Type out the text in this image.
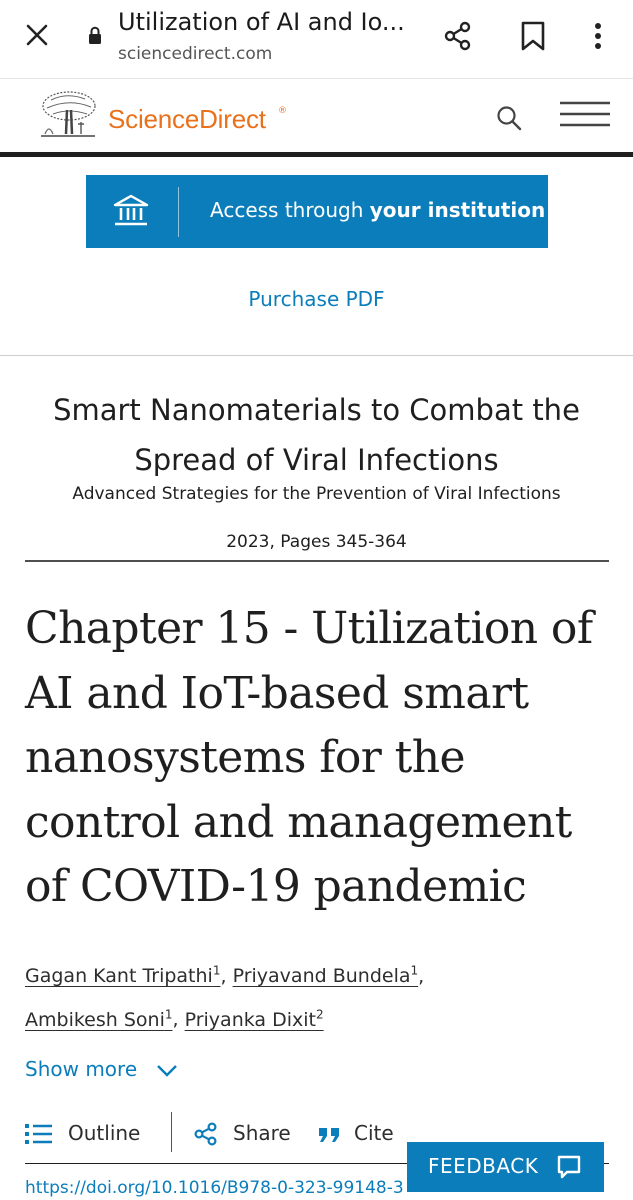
Utilization of AI and Io...
sciencedirect.com
ScienceDirect ®
Access through your institution
Purchase PDF
Smart Nanomaterials to Combat the Spread of Viral Infections
Advanced Strategies for the Prevention of Viral Infections
2023, Pages 345-364
Chapter 15 - Utilization of AI and IoT-based smart nanosystems for the control and management of COVID-19 pandemic
Gagan Kant Tripathi$^1$, Priyavand Bundela$^1$,
Ambikesh Soni$^1$, Priyanka Dixit$^2$
Show more
Outline	Share	Cite
https://doi.org/10.1016/B978-0-323-99148-3
FEEDBACK
